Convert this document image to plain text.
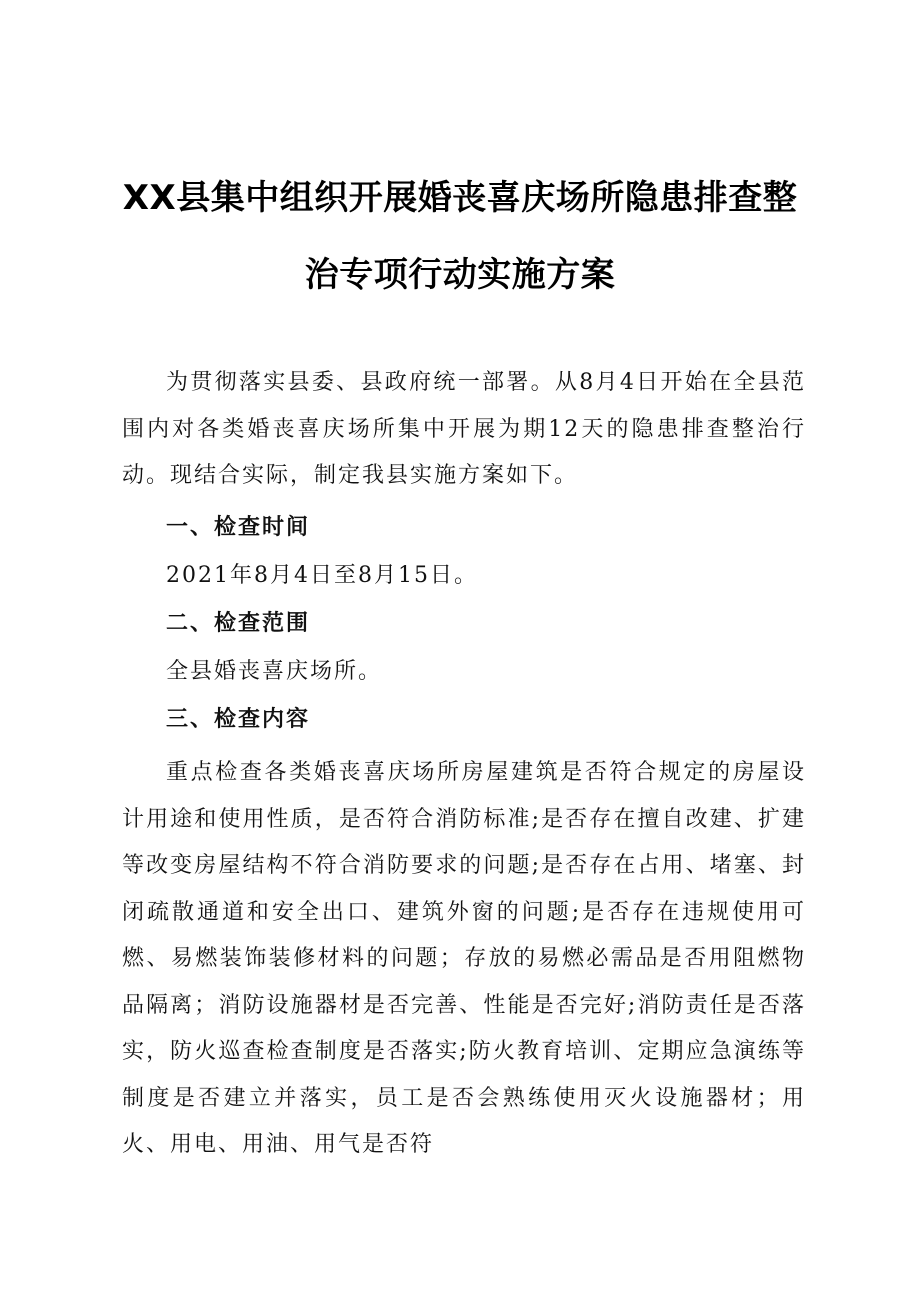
XX县集中组织开展婚丧喜庆场所隐患排查整
治专项行动实施方案

为贯彻落实县委、县政府统一部署。从8月4日开始在全县范围内对各类婚丧喜庆场所集中开展为期12天的隐患排查整治行动。现结合实际，制定我县实施方案如下。

一、检查时间

2021年8月4日至8月15日。

二、检查范围

全县婚丧喜庆场所。

三、检查内容

重点检查各类婚丧喜庆场所房屋建筑是否符合规定的房屋设计用途和使用性质，是否符合消防标准;是否存在擅自改建、扩建等改变房屋结构不符合消防要求的问题;是否存在占用、堵塞、封闭疏散通道和安全出口、建筑外窗的问题;是否存在违规使用可燃、易燃装饰装修材料的问题；存放的易燃必需品是否用阻燃物品隔离；消防设施器材是否完善、性能是否完好;消防责任是否落实，防火巡查检查制度是否落实;防火教育培训、定期应急演练等制度是否建立并落实，员工是否会熟练使用灭火设施器材；用火、用电、用油、用气是否符
